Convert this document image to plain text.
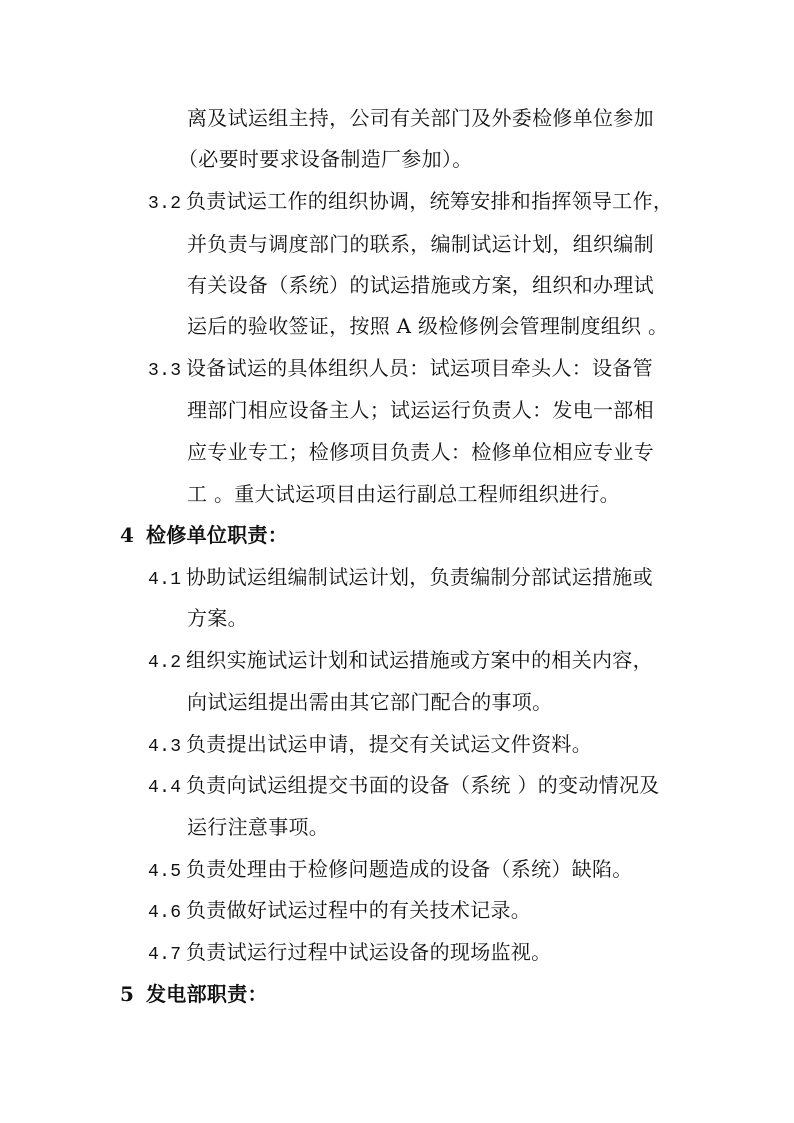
离及试运组主持，公司有关部门及外委检修单位参加
（必要时要求设备制造厂参加）。
3.2 负责试运工作的组织协调，统筹安排和指挥领导工作，
并负责与调度部门的联系，编制试运计划，组织编制
有关设备（系统）的试运措施或方案，组织和办理试
运后的验收签证，按照 A 级检修例会管理制度组织 。
3.3 设备试运的具体组织人员：试运项目牵头人：设备管
理部门相应设备主人；试运运行负责人：发电一部相
应专业专工；检修项目负责人：检修单位相应专业专
工 。重大试运项目由运行副总工程师组织进行。
4 检修单位职责：
4.1 协助试运组编制试运计划，负责编制分部试运措施或
方案。
4.2 组织实施试运计划和试运措施或方案中的相关内容，
向试运组提出需由其它部门配合的事项。
4.3 负责提出试运申请，提交有关试运文件资料。
4.4 负责向试运组提交书面的设备（系统 ）的变动情况及
运行注意事项。
4.5 负责处理由于检修问题造成的设备（系统）缺陷。
4.6 负责做好试运过程中的有关技术记录。
4.7 负责试运行过程中试运设备的现场监视。
5 发电部职责：
